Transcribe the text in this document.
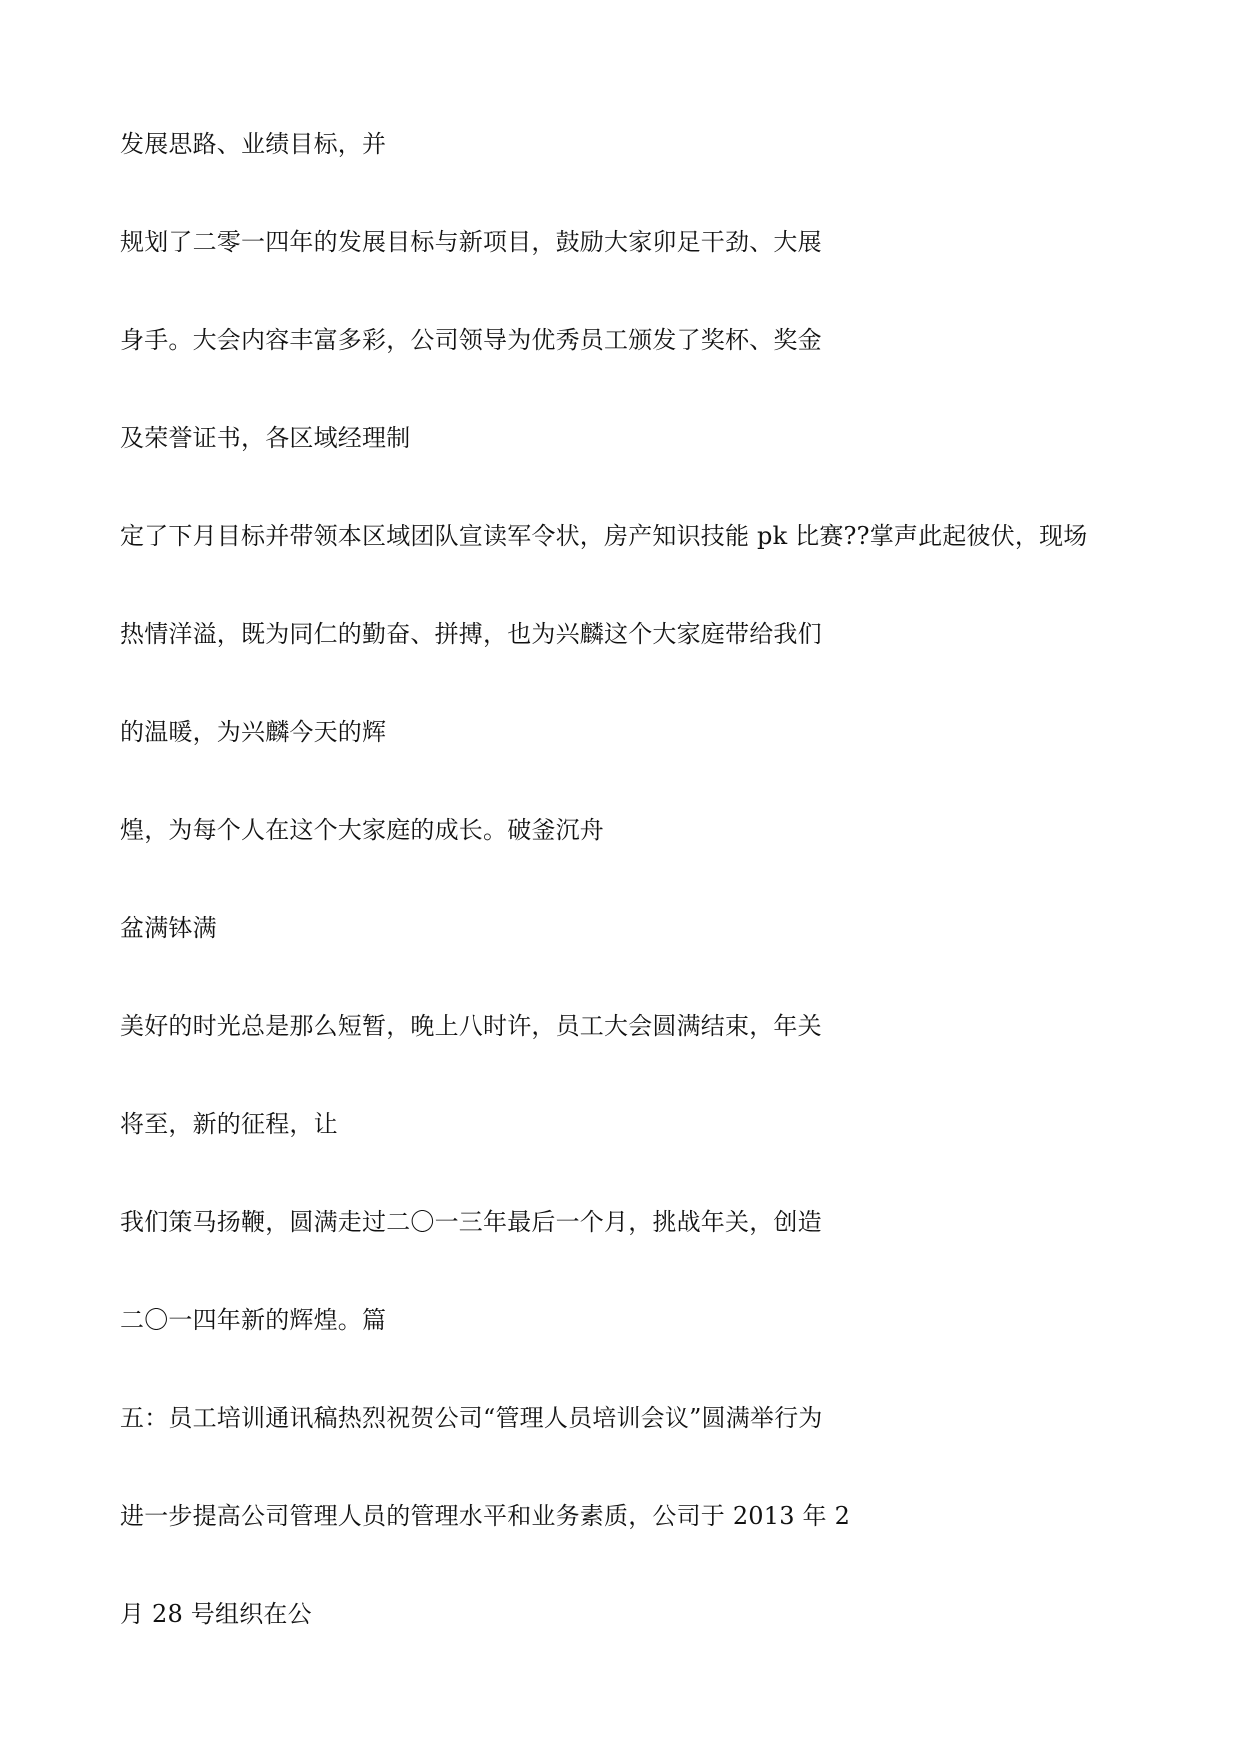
发展思路、业绩目标，并

规划了二零一四年的发展目标与新项目，鼓励大家卯足干劲、大展

身手。大会内容丰富多彩，公司领导为优秀员工颁发了奖杯、奖金

及荣誉证书，各区域经理制

定了下月目标并带领本区域团队宣读军令状，房产知识技能 pk 比赛??掌声此起彼伏，现场

热情洋溢，既为同仁的勤奋、拼搏，也为兴麟这个大家庭带给我们

的温暖，为兴麟今天的辉

煌，为每个人在这个大家庭的成长。破釜沉舟

盆满钵满

美好的时光总是那么短暂，晚上八时许，员工大会圆满结束，年关

将至，新的征程，让

我们策马扬鞭，圆满走过二〇一三年最后一个月，挑战年关，创造

二〇一四年新的辉煌。篇

五：员工培训通讯稿热烈祝贺公司“管理人员培训会议”圆满举行为

进一步提高公司管理人员的管理水平和业务素质，公司于 2013 年 2

月 28 号组织在公
